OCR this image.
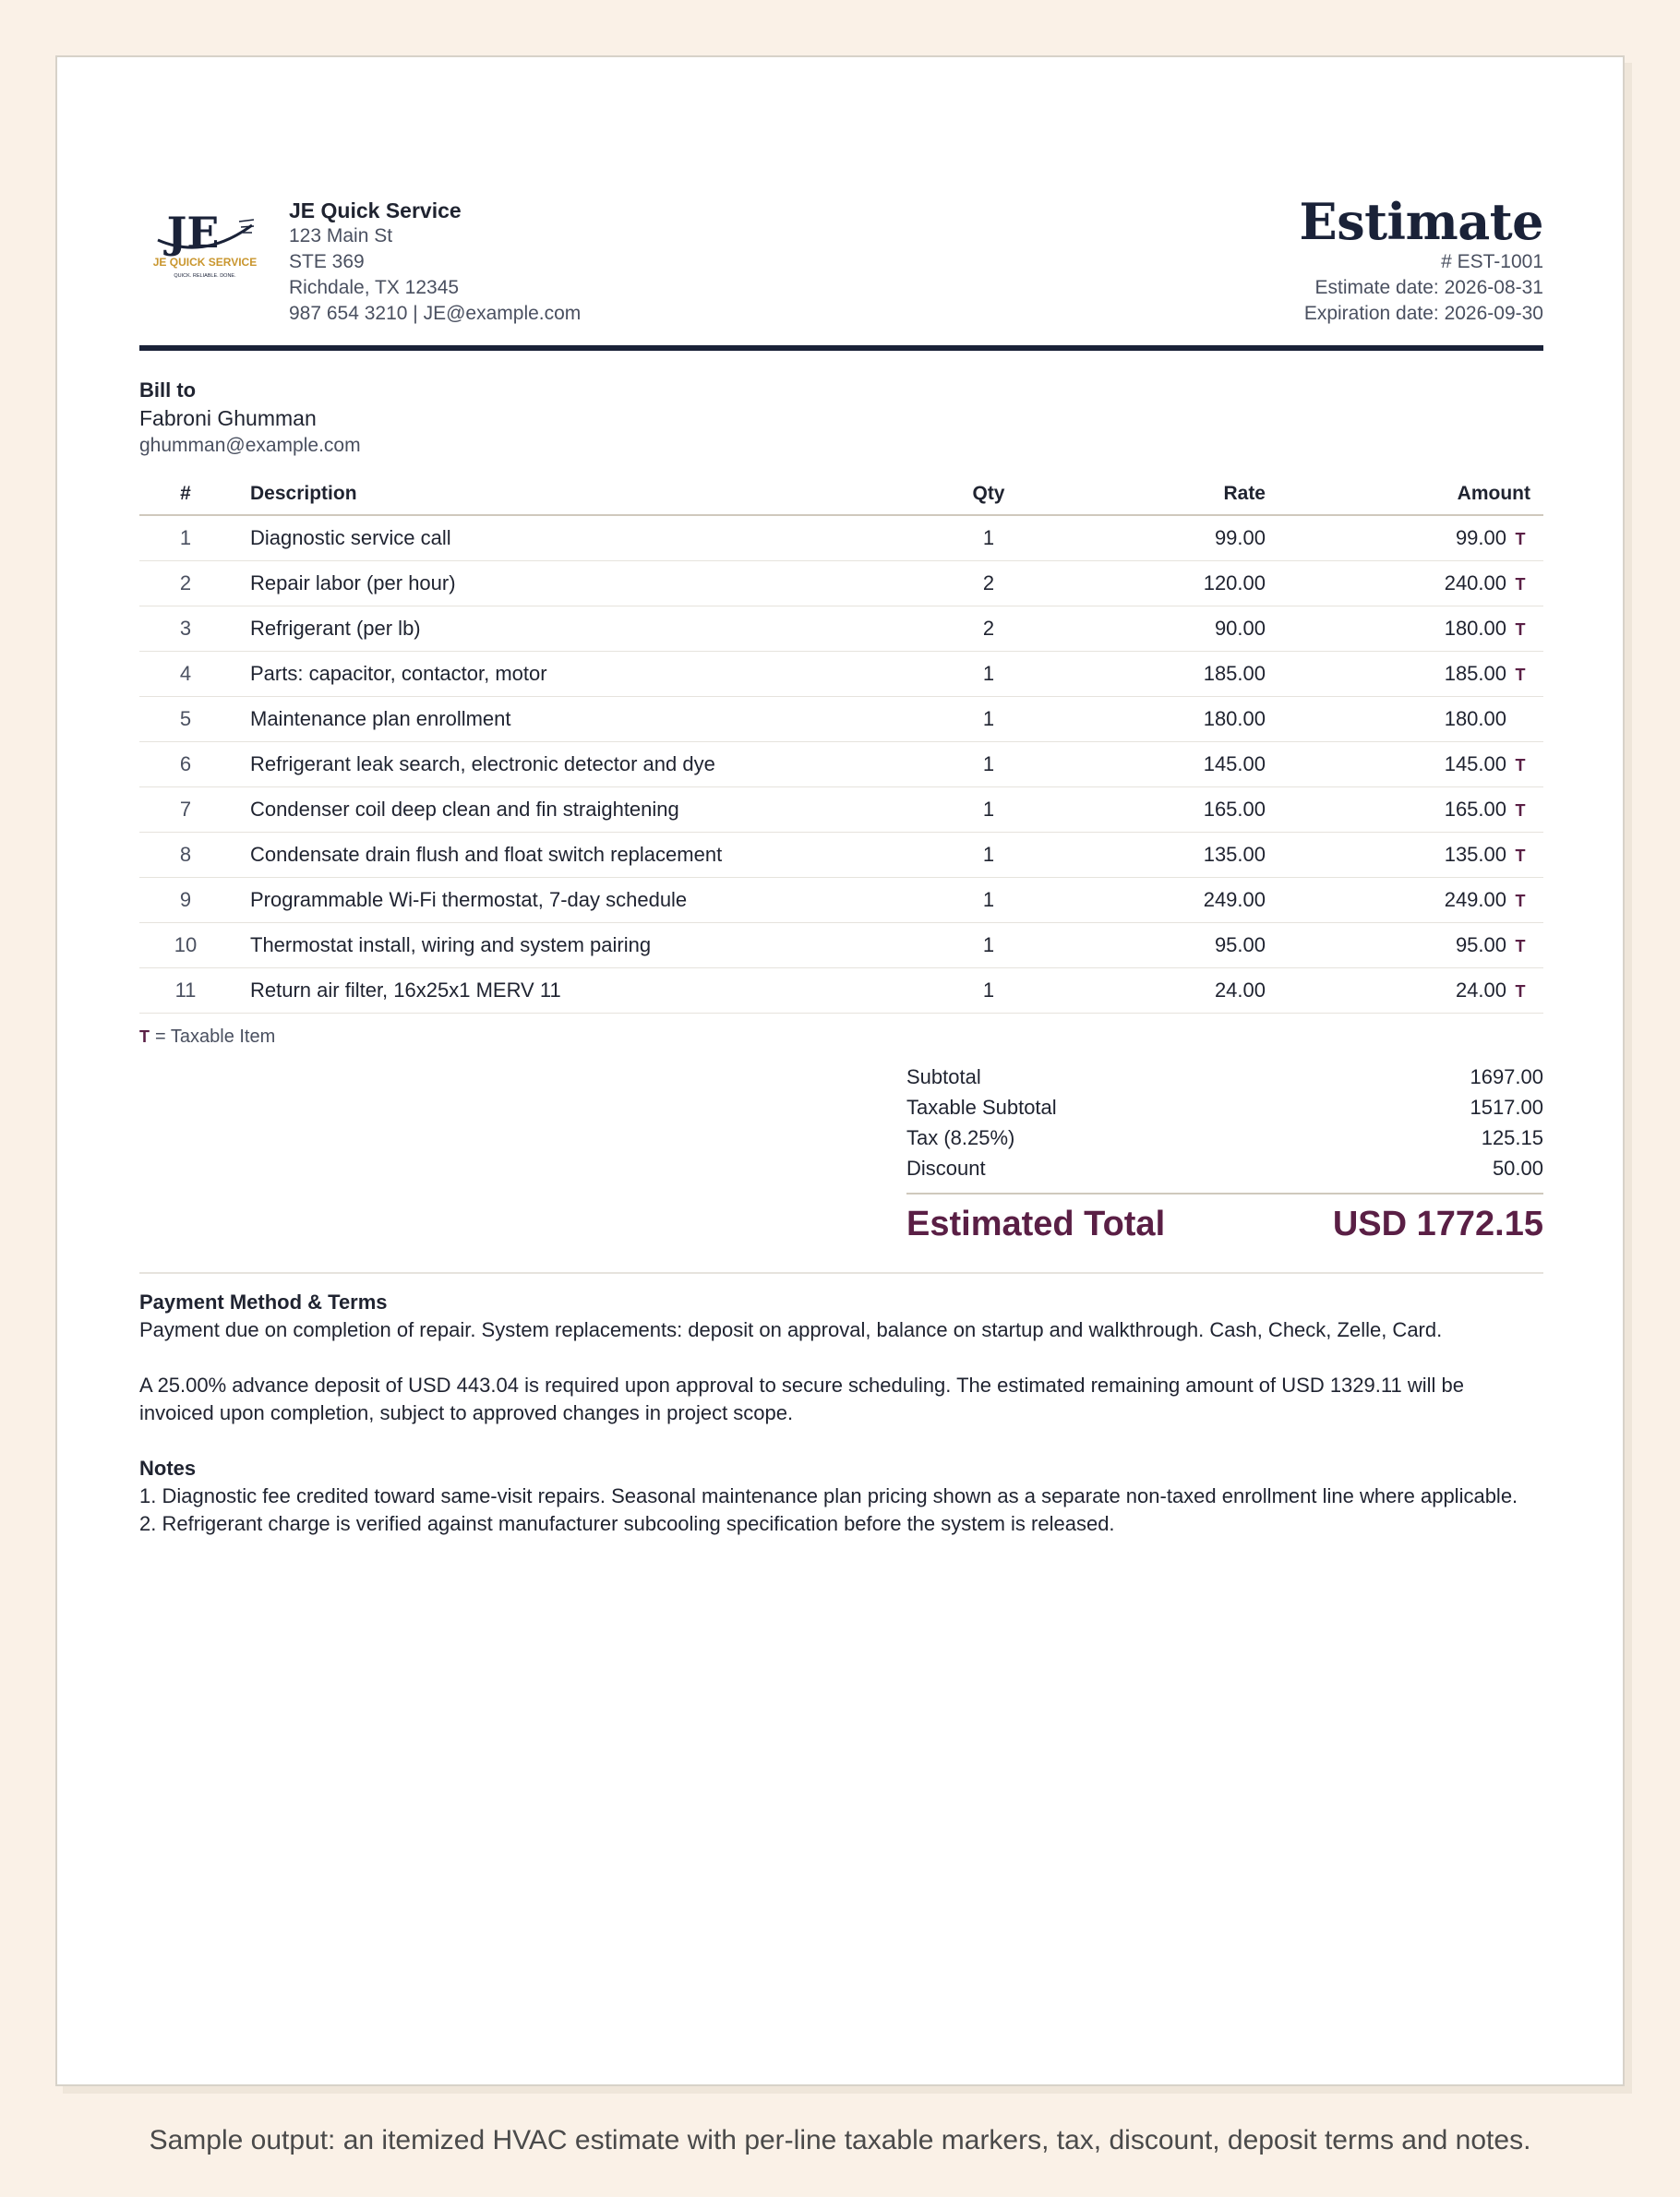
JE
JE QUICK SERVICE
QUICK. RELIABLE. DONE.
JE Quick Service
123 Main St
STE 369
Richdale, TX 12345
987 654 3210 | JE@example.com
Estimate
# EST-1001
Estimate date: 2026-08-31
Expiration date: 2026-09-30
Bill to
Fabroni Ghumman
ghumman@example.com
#	Description	Qty	Rate	Amount
1	Diagnostic service call	1	99.00	99.00 T
2	Repair labor (per hour)	2	120.00	240.00 T
3	Refrigerant (per lb)	2	90.00	180.00 T
4	Parts: capacitor, contactor, motor	1	185.00	185.00 T
5	Maintenance plan enrollment	1	180.00	180.00
6	Refrigerant leak search, electronic detector and dye	1	145.00	145.00 T
7	Condenser coil deep clean and fin straightening	1	165.00	165.00 T
8	Condensate drain flush and float switch replacement	1	135.00	135.00 T
9	Programmable Wi-Fi thermostat, 7-day schedule	1	249.00	249.00 T
10	Thermostat install, wiring and system pairing	1	95.00	95.00 T
11	Return air filter, 16x25x1 MERV 11	1	24.00	24.00 T
T = Taxable Item
Subtotal	1697.00
Taxable Subtotal	1517.00
Tax (8.25%)	125.15
Discount	50.00
Estimated Total	USD 1772.15
Payment Method & Terms
Payment due on completion of repair. System replacements: deposit on approval, balance on startup and walkthrough. Cash, Check, Zelle, Card.
A 25.00% advance deposit of USD 443.04 is required upon approval to secure scheduling. The estimated remaining amount of USD 1329.11 will be invoiced upon completion, subject to approved changes in project scope.
Notes
1. Diagnostic fee credited toward same-visit repairs. Seasonal maintenance plan pricing shown as a separate non-taxed enrollment line where applicable.
2. Refrigerant charge is verified against manufacturer subcooling specification before the system is released.
Sample output: an itemized HVAC estimate with per-line taxable markers, tax, discount, deposit terms and notes.
